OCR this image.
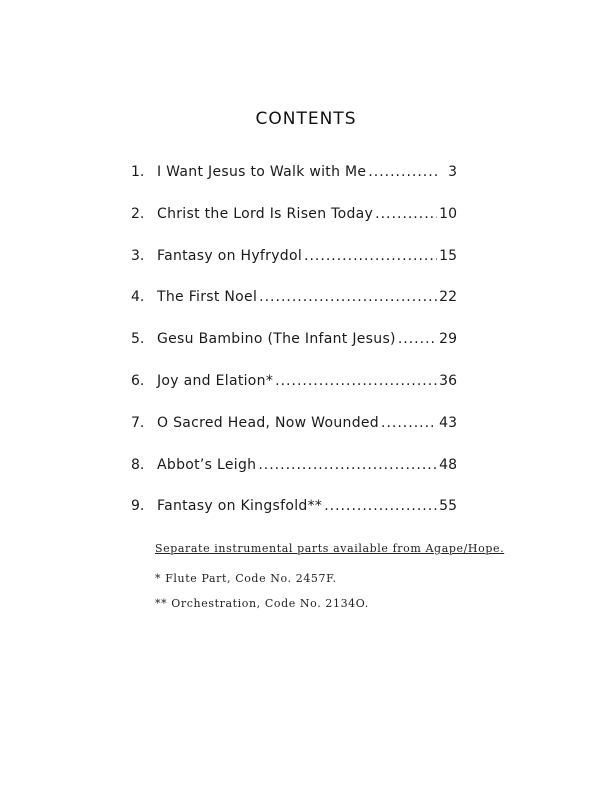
CONTENTS
1. I Want Jesus to Walk with Me .....	3
2. Christ the Lord Is Risen Today .....	10
3. Fantasy on Hyfrydol .....	15
4. The First Noel .....	22
5. Gesu Bambino (The Infant Jesus) .....	29
6. Joy and Elation* .....	36
7. O Sacred Head, Now Wounded .....	43
8. Abbot’s Leigh .....	48
9. Fantasy on Kingsfold** .....	55
Separate instrumental parts available from Agape/Hope.
* Flute Part, Code No. 2457F.
** Orchestration, Code No. 2134O.
